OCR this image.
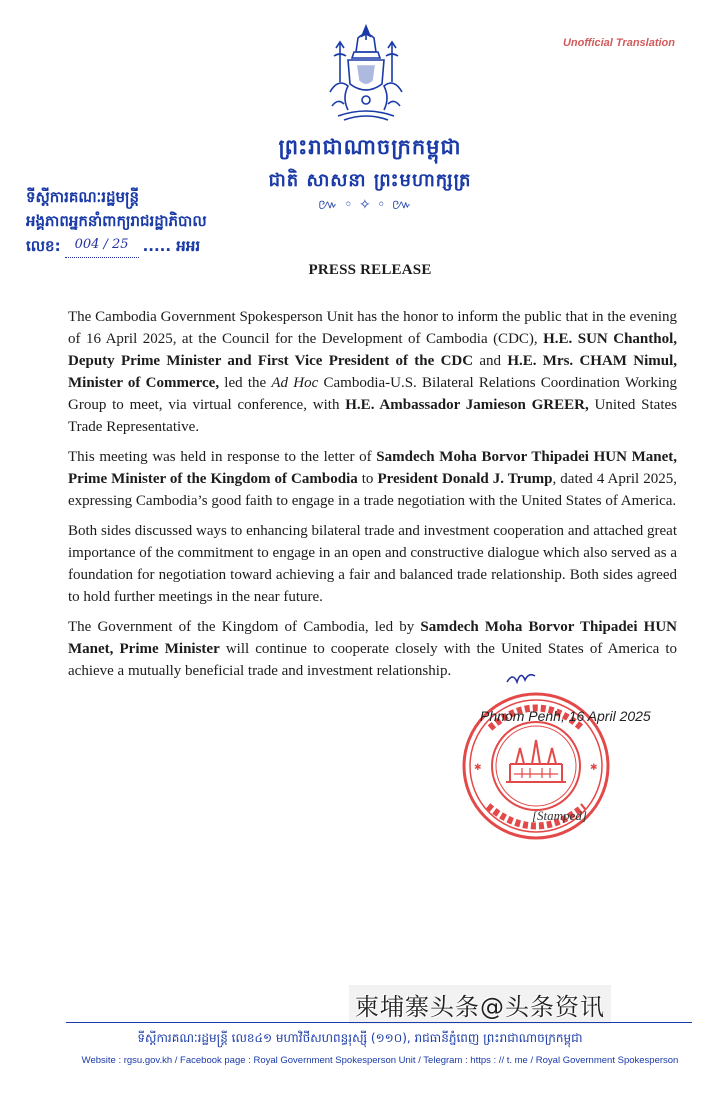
Unofficial Translation
ព្រះរាជាណាចក្រកម្ពុជា
ជាតិ សាសនា ព្រះមហាក្សត្រ
៚ ◦ ✧ ◦ ៚
ទីស្តីការគណៈរដ្ឋមន្ត្រី
អង្គភាពអ្នកនាំពាក្យរាជរដ្ឋាភិបាល
លេខ:	004 / 25 ..... អអរ
PRESS RELEASE

The Cambodia Government Spokesperson Unit has the honor to inform the public that in the evening of 16 April 2025, at the Council for the Development of Cambodia (CDC), H.E. SUN Chanthol, Deputy Prime Minister and First Vice President of the CDC and H.E. Mrs. CHAM Nimul, Minister of Commerce, led the Ad Hoc Cambodia-U.S. Bilateral Relations Coordination Working Group to meet, via virtual conference, with H.E. Ambassador Jamieson GREER, United States Trade Representative.

This meeting was held in response to the letter of Samdech Moha Borvor Thipadei HUN Manet, Prime Minister of the Kingdom of Cambodia to President Donald J. Trump, dated 4 April 2025, expressing Cambodia’s good faith to engage in a trade negotiation with the United States of America.

Both sides discussed ways to enhancing bilateral trade and investment cooperation and attached great importance of the commitment to engage in an open and constructive dialogue which also served as a foundation for negotiation toward achieving a fair and balanced trade relationship. Both sides agreed to hold further meetings in the near future.

The Government of the Kingdom of Cambodia, led by Samdech Moha Borvor Thipadei HUN Manet, Prime Minister will continue to cooperate closely with the United States of America to achieve a mutually beneficial trade and investment relationship.

✱	✱
Phnom Penh, 16 April 2025
[Stamped]
柬埔寨头条@头条资讯
ទីស្តីការគណៈរដ្ឋមន្ត្រី លេខ៤១ មហាវិថីសហពន្ធរុស្ស៊ី (១១០), រាជធានីភ្នំពេញ ព្រះរាជាណាចក្រកម្ពុជា
Website : rgsu.gov.kh / Facebook page : Royal Government Spokesperson Unit / Telegram : https : // t. me / Royal Government Spokesperson
